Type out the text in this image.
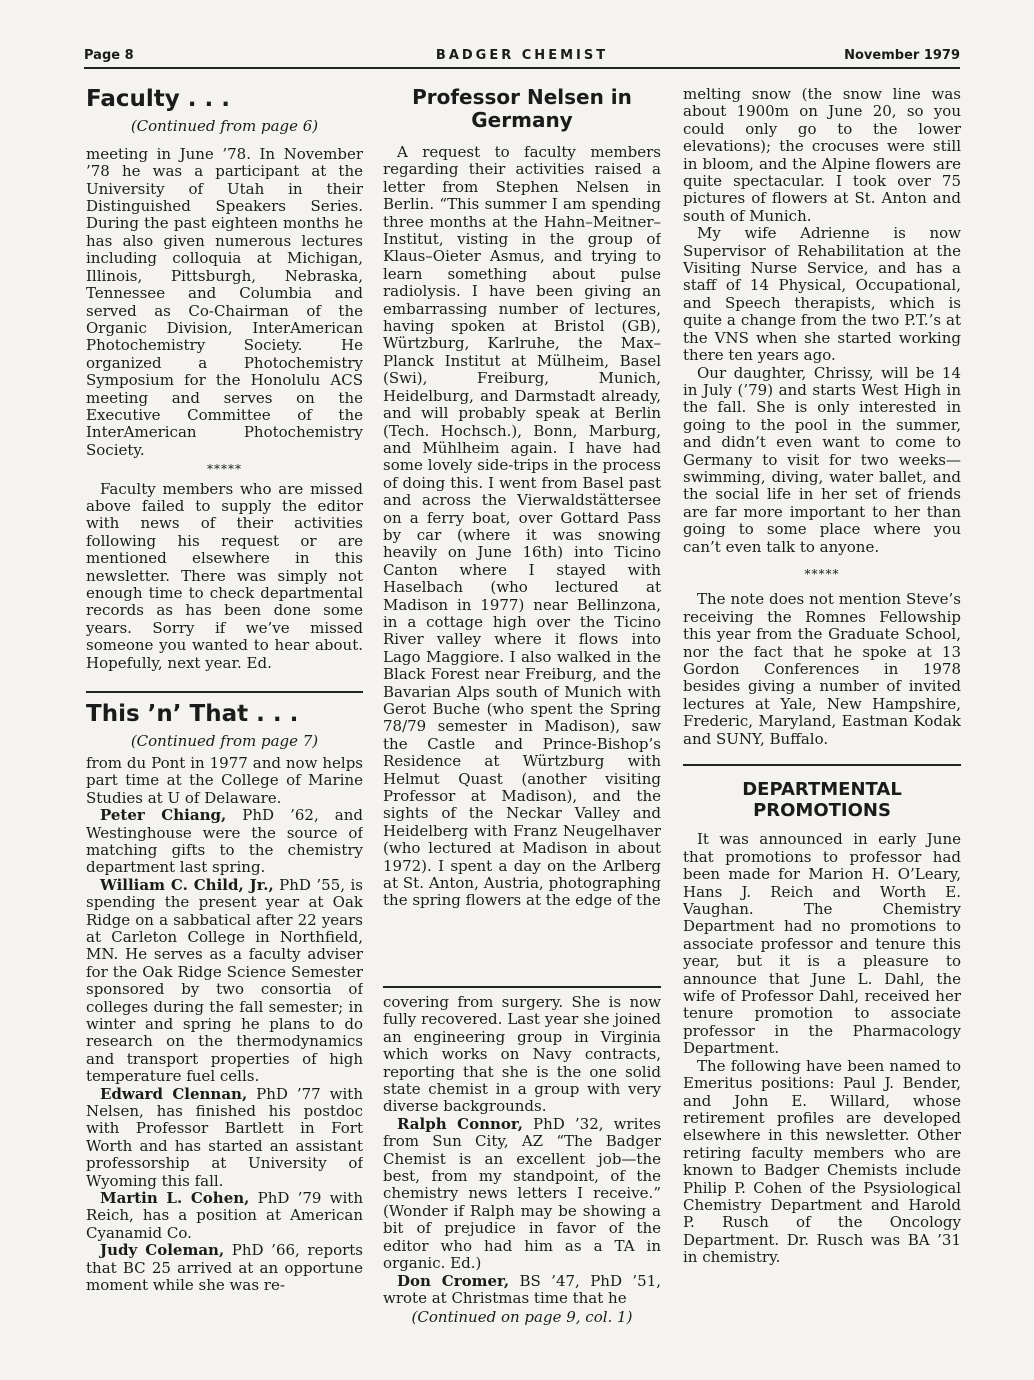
Page 8	BADGER CHEMIST	November 1979
Faculty . . .

(Continued from page 6)

meeting in June ’78. In November ’78 he was a participant at the University of Utah in their Distinguished Speakers Series. During the past eighteen months he has also given numerous lectures including colloquia at Michigan, Illinois, Pittsburgh, Nebraska, Tennessee and Columbia and served as Co-Chairman of the Organic Division, InterAmerican Photochemistry Society. He organized a Photochemistry Symposium for the Honolulu ACS meeting and serves on the Executive Committee of the InterAmerican Photochemistry Society.

*****

Faculty members who are missed above failed to supply the editor with news of their activities following his request or are mentioned elsewhere in this newsletter. There was simply not enough time to check departmental records as has been done some years. Sorry if we’ve missed someone you wanted to hear about. Hopefully, next year. Ed.

This ’n’ That . . .

(Continued from page 7)

from du Pont in 1977 and now helps part time at the College of Marine Studies at U of Delaware.

Peter Chiang, PhD ’62, and Westinghouse were the source of matching gifts to the chemistry department last spring.

William C. Child, Jr., PhD ’55, is spending the present year at Oak Ridge on a sabbatical after 22 years at Carleton College in Northfield, MN. He serves as a faculty adviser for the Oak Ridge Science Semester sponsored by two consortia of colleges during the fall semester; in winter and spring he plans to do research on the thermodynamics and transport properties of high temperature fuel cells.

Edward Clennan, PhD ’77 with Nelsen, has finished his postdoc with Professor Bartlett in Fort Worth and has started an assistant professorship at University of Wyoming this fall.

Martin L. Cohen, PhD ’79 with Reich, has a position at American Cyanamid Co.

Judy Coleman, PhD ’66, reports that BC 25 arrived at an opportune moment while she was re-

Professor Nelsen in
Germany

A request to faculty members regarding their activities raised a letter from Stephen Nelsen in Berlin. “This summer I am spending three months at the Hahn–Meitner–Institut, visting in the group of Klaus–Oieter Asmus, and trying to learn something about pulse radiolysis. I have been giving an embarrassing number of lectures, having spoken at Bristol (GB), Würtzburg, Karlruhe, the Max–Planck Institut at Mülheim, Basel (Swi), Freiburg, Munich, Heidelburg, and Darmstadt already, and will probably speak at Berlin (Tech. Hochsch.), Bonn, Marburg, and Mühlheim again. I have had some lovely side-trips in the process of doing this. I went from Basel past and across the Vierwaldstättersee on a ferry boat, over Gottard Pass by car (where it was snowing heavily on June 16th) into Ticino Canton where I stayed with Haselbach (who lectured at Madison in 1977) near Bellinzona, in a cottage high over the Ticino River valley where it flows into Lago Maggiore. I also walked in the Black Forest near Freiburg, and the Bavarian Alps south of Munich with Gerot Buche (who spent the Spring 78/79 semester in Madison), saw the Castle and Prince-Bishop’s Residence at Würtzburg with Helmut Quast (another visiting Professor at Madison), and the sights of the Neckar Valley and Heidelberg with Franz Neugelhaver (who lectured at Madison in about 1972). I spent a day on the Arlberg at St. Anton, Austria, photographing the spring flowers at the edge of the

covering from surgery. She is now fully recovered. Last year she joined an engineering group in Virginia which works on Navy contracts, reporting that she is the one solid state chemist in a group with very diverse backgrounds.

Ralph Connor, PhD ’32, writes from Sun City, AZ “The Badger Chemist is an excellent job—the best, from my standpoint, of the chemistry news letters I receive.” (Wonder if Ralph may be showing a bit of prejudice in favor of the editor who had him as a TA in organic. Ed.)

Don Cromer, BS ’47, PhD ’51, wrote at Christmas time that he

(Continued on page 9, col. 1)

melting snow (the snow line was about 1900m on June 20, so you could only go to the lower elevations); the crocuses were still in bloom, and the Alpine flowers are quite spectacular. I took over 75 pictures of flowers at St. Anton and south of Munich.

My wife Adrienne is now Supervisor of Rehabilitation at the Visiting Nurse Service, and has a staff of 14 Physical, Occupational, and Speech therapists, which is quite a change from the two P.T.’s at the VNS when she started working there ten years ago.

Our daughter, Chrissy, will be 14 in July (’79) and starts West High in the fall. She is only interested in going to the pool in the summer, and didn’t even want to come to Germany to visit for two weeks—swimming, diving, water ballet, and the social life in her set of friends are far more important to her than going to some place where you can’t even talk to anyone.

*****

The note does not mention Steve’s receiving the Romnes Fellowship this year from the Graduate School, nor the fact that he spoke at 13 Gordon Conferences in 1978 besides giving a number of invited lectures at Yale, New Hampshire, Frederic, Maryland, Eastman Kodak and SUNY, Buffalo.

DEPARTMENTAL
PROMOTIONS

It was announced in early June that promotions to professor had been made for Marion H. O’Leary, Hans J. Reich and Worth E. Vaughan. The Chemistry Department had no promotions to associate professor and tenure this year, but it is a pleasure to announce that June L. Dahl, the wife of Professor Dahl, received her tenure promotion to associate professor in the Pharmacology Department.

The following have been named to Emeritus positions: Paul J. Bender, and John E. Willard, whose retirement profiles are developed elsewhere in this newsletter. Other retiring faculty members who are known to Badger Chemists include Philip P. Cohen of the Psysiological Chemistry Department and Harold P. Rusch of the Oncology Department. Dr. Rusch was BA ’31 in chemistry.
